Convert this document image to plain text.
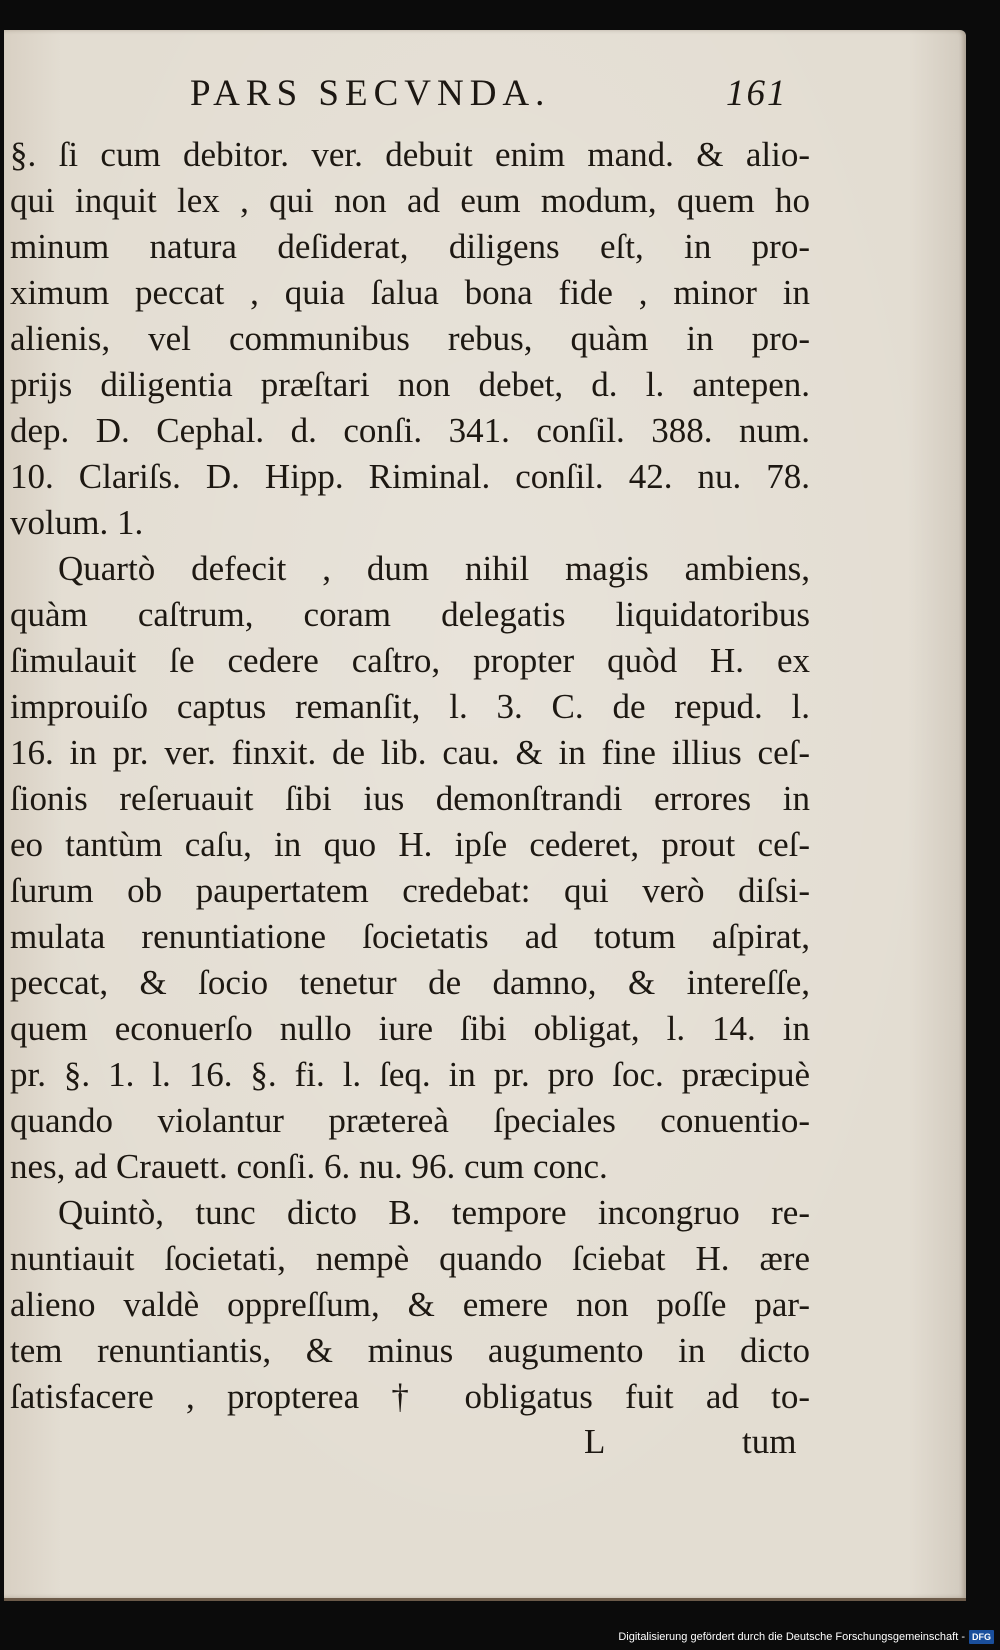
PARS SECVNDA.	161
§. ſi cum debitor. ver. debuit enim mand. & alio-
qui inquit lex , qui non ad eum modum, quem ho
minum natura deſiderat, diligens eſt, in pro-
ximum peccat , quia ſalua bona fide , minor in
alienis, vel communibus rebus, quàm in pro-
prijs diligentia præſtari non debet, d. l. antepen.
dep. D. Cephal. d. conſi. 341. conſil. 388. num.
10. Clariſs. D. Hipp. Riminal. conſil. 42. nu. 78.
volum. 1.
Quartò defecit , dum nihil magis ambiens,
quàm caſtrum, coram delegatis liquidatoribus
ſimulauit ſe cedere caſtro, propter quòd H. ex
improuiſo captus remanſit, l. 3. C. de repud. l.
16. in pr. ver. finxit. de lib. cau. & in fine illius ceſ-
ſionis reſeruauit ſibi ius demonſtrandi errores in
eo tantùm caſu, in quo H. ipſe cederet, prout ceſ-
ſurum ob paupertatem credebat: qui verò diſsi-
mulata renuntiatione ſocietatis ad totum aſpirat,
peccat, & ſocio tenetur de damno, & intereſſe,
quem econuerſo nullo iure ſibi obligat, l. 14. in
pr. §. 1. l. 16. §. fi. l. ſeq. in pr. pro ſoc. præcipuè
quando violantur prætereà ſpeciales conuentio-
nes, ad Crauett. conſi. 6. nu. 96. cum conc.
Quintò, tunc dicto B. tempore incongruo re-
nuntiauit ſocietati, nempè quando ſciebat H. ære
alieno valdè oppreſſum, & emere non poſſe par-
tem renuntiantis, & minus augumento in dicto
ſatisfacere , propterea † obligatus fuit ad to-
L	tum
Digitalisierung gefördert durch die Deutsche Forschungsgemeinschaft - DFG
